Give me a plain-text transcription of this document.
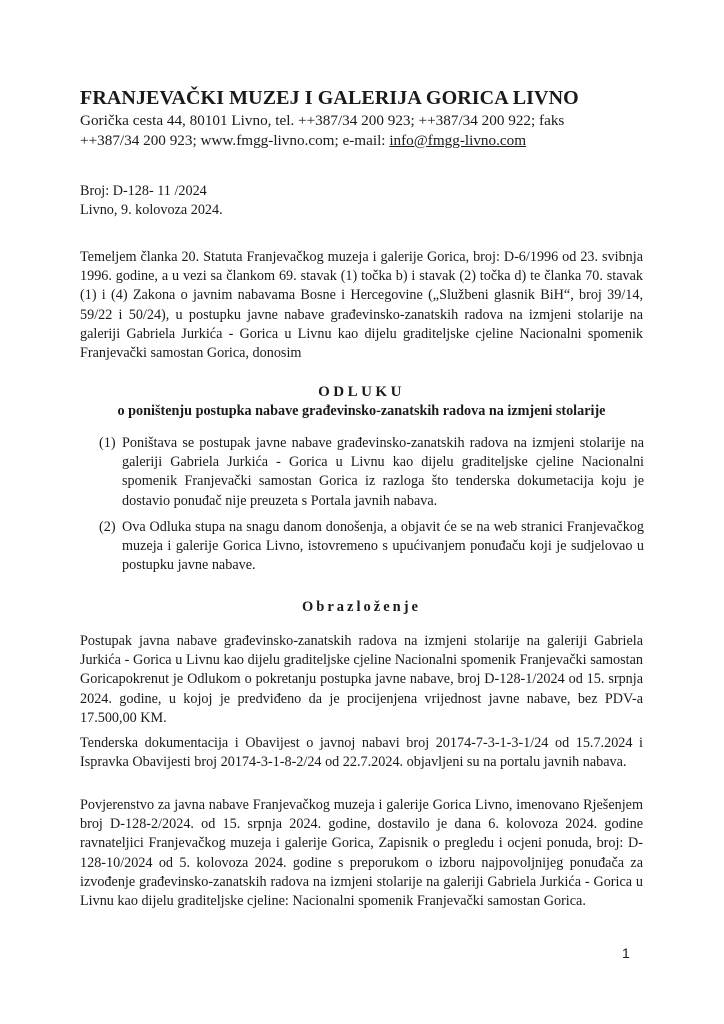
FRANJEVAČKI MUZEJ I GALERIJA GORICA LIVNO
Gorička cesta 44, 80101 Livno, tel. ++387/34 200 923; ++387/34 200 922; faks
++387/34 200 923; www.fmgg-livno.com; e-mail: info@fmgg-livno.com
Broj: D-128- 11 /2024
Livno, 9. kolovoza 2024.
Temeljem članka 20. Statuta Franjevačkog muzeja i galerije Gorica, broj: D-6/1996 od 23. svibnja 1996. godine, a u vezi sa člankom 69. stavak (1) točka b) i stavak (2) točka d) te članka 70. stavak (1) i (4) Zakona o javnim nabavama Bosne i Hercegovine („Službeni glasnik BiH“, broj 39/14, 59/22 i 50/24), u postupku javne nabave građevinsko-zanatskih radova na izmjeni stolarije na galeriji Gabriela Jurkića - Gorica u Livnu kao dijelu graditeljske cjeline Nacionalni spomenik Franjevački samostan Gorica, donosim
ODLUKU
o poništenju postupka nabave građevinsko-zanatskih radova na izmjeni stolarije
(1) Poništava se postupak javne nabave građevinsko-zanatskih radova na izmjeni stolarije na galeriji Gabriela Jurkića - Gorica u Livnu kao dijelu graditeljske cjeline Nacionalni spomenik Franjevački samostan Gorica iz razloga što tenderska dokumetacija koju je dostavio ponuđač nije preuzeta s Portala javnih nabava.
(2) Ova Odluka stupa na snagu danom donošenja, a objavit će se na web stranici Franjevačkog muzeja i galerije Gorica Livno, istovremeno s upućivanjem ponuđaču koji je sudjelovao u postupku javne nabave.
Obrazloženje
Postupak javna nabave građevinsko-zanatskih radova na izmjeni stolarije na galeriji Gabriela Jurkića - Gorica u Livnu kao dijelu graditeljske cjeline Nacionalni spomenik Franjevački samostan Goricapokrenut je Odlukom o pokretanju postupka javne nabave, broj D-128-1/2024 od 15. srpnja 2024. godine, u kojoj je predviđeno da je procijenjena vrijednost javne nabave, bez PDV-a 17.500,00 KM.
Tenderska dokumentacija i Obavijest o javnoj nabavi broj 20174-7-3-1-3-1/24 od 15.7.2024 i Ispravka Obavijesti broj 20174-3-1-8-2/24 od 22.7.2024. objavljeni su na portalu javnih nabava.
Povjerenstvo za javna nabave Franjevačkog muzeja i galerije Gorica Livno, imenovano Rješenjem broj D-128-2/2024. od 15. srpnja 2024. godine, dostavilo je dana 6. kolovoza 2024. godine ravnateljici Franjevačkog muzeja i galerije Gorica, Zapisnik o pregledu i ocjeni ponuda, broj: D-128-10/2024 od 5. kolovoza 2024. godine s preporukom o izboru najpovoljnijeg ponuđača za izvođenje građevinsko-zanatskih radova na izmjeni stolarije na galeriji Gabriela Jurkića - Gorica u Livnu kao dijelu graditeljske cjeline: Nacionalni spomenik Franjevački samostan Gorica.
1
